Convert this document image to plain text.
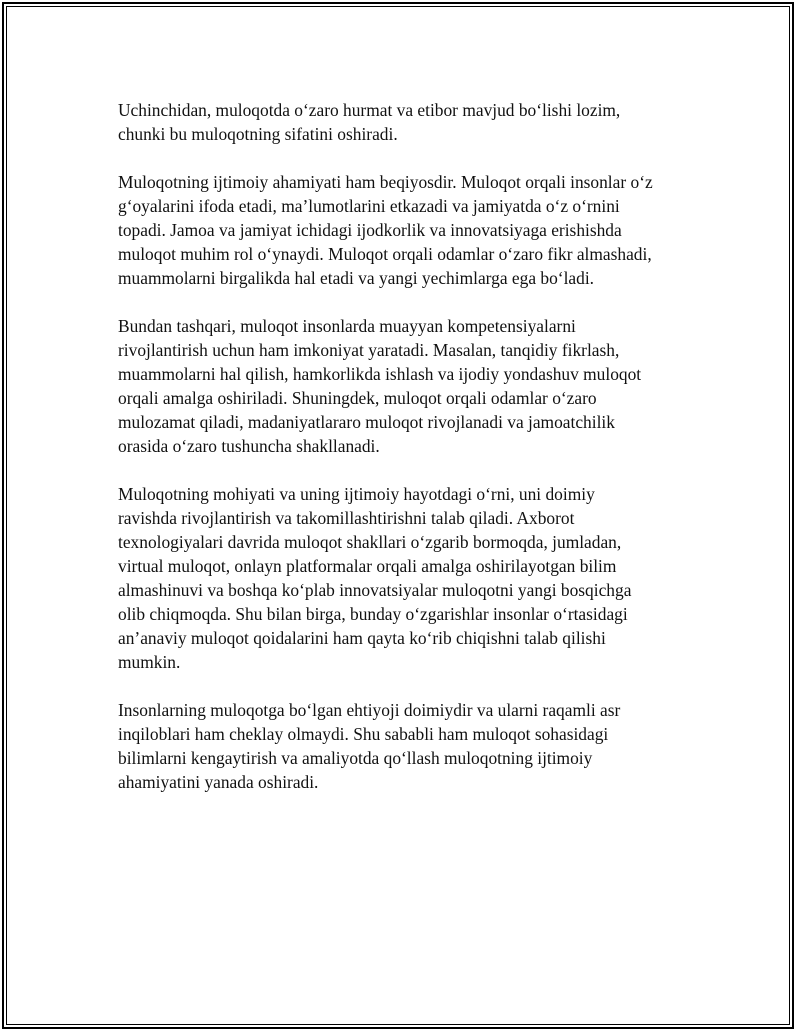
Uchinchidan, muloqotda o‘zaro hurmat va etibor mavjud bo‘lishi lozim,
chunki bu muloqotning sifatini oshiradi.

Muloqotning ijtimoiy ahamiyati ham beqiyosdir. Muloqot orqali insonlar o‘z
g‘oyalarini ifoda etadi, ma’lumotlarini etkazadi va jamiyatda o‘z o‘rnini
topadi. Jamoa va jamiyat ichidagi ijodkorlik va innovatsiyaga erishishda
muloqot muhim rol o‘ynaydi. Muloqot orqali odamlar o‘zaro fikr almashadi,
muammolarni birgalikda hal etadi va yangi yechimlarga ega bo‘ladi.

Bundan tashqari, muloqot insonlarda muayyan kompetensiyalarni
rivojlantirish uchun ham imkoniyat yaratadi. Masalan, tanqidiy fikrlash,
muammolarni hal qilish, hamkorlikda ishlash va ijodiy yondashuv muloqot
orqali amalga oshiriladi. Shuningdek, muloqot orqali odamlar o‘zaro
mulozamat qiladi, madaniyatlararo muloqot rivojlanadi va jamoatchilik
orasida o‘zaro tushuncha shakllanadi.

Muloqotning mohiyati va uning ijtimoiy hayotdagi o‘rni, uni doimiy
ravishda rivojlantirish va takomillashtirishni talab qiladi. Axborot
texnologiyalari davrida muloqot shakllari o‘zgarib bormoqda, jumladan,
virtual muloqot, onlayn platformalar orqali amalga oshirilayotgan bilim
almashinuvi va boshqa ko‘plab innovatsiyalar muloqotni yangi bosqichga
olib chiqmoqda. Shu bilan birga, bunday o‘zgarishlar insonlar o‘rtasidagi
an’anaviy muloqot qoidalarini ham qayta ko‘rib chiqishni talab qilishi
mumkin.

Insonlarning muloqotga bo‘lgan ehtiyoji doimiydir va ularni raqamli asr
inqiloblari ham cheklay olmaydi. Shu sababli ham muloqot sohasidagi
bilimlarni kengaytirish va amaliyotda qo‘llash muloqotning ijtimoiy
ahamiyatini yanada oshiradi.
